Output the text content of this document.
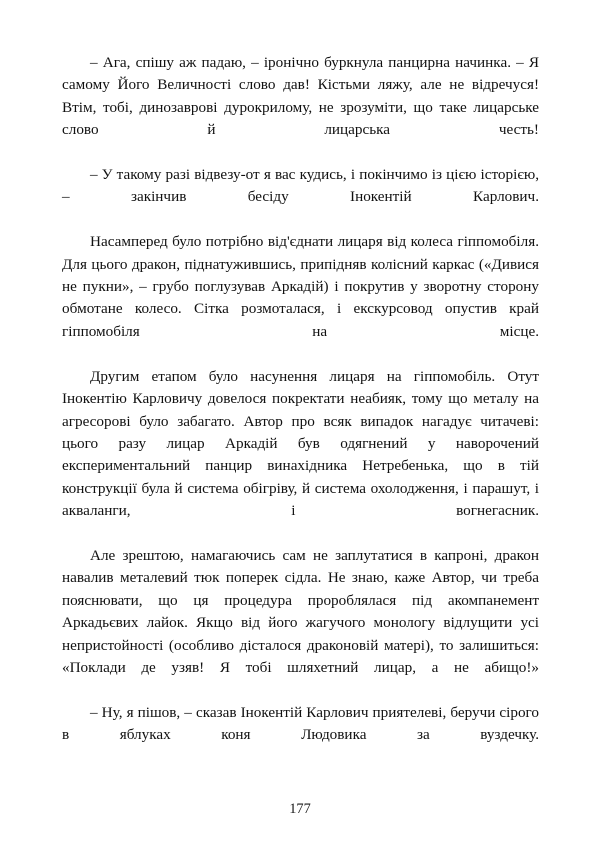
– Ага, спішу аж падаю, – іронічно буркнула панцирна начинка. – Я самому Його Величності слово дав! Кістьми ляжу, але не відречуся! Втім, тобі, динозаврові дурокрилому, не зрозуміти, що таке лицарське слово й лицарська честь!

– У такому разі відвезу-от я вас кудись, і покінчимо із цією історією, – закінчив бесіду Інокентій Карлович.

Насамперед було потрібно від'єднати лицаря від колеса гіппомобіля. Для цього дракон, піднатужившись, припідняв колісний каркас («Дивися не пукни», – грубо поглузував Аркадій) і покрутив у зворотну сторону обмотане колесо. Сітка розмоталася, і екскурсовод опустив край гіппомобіля на місце.

Другим етапом було насунення лицаря на гіппомобіль. Отут Інокентію Карловичу довелося покректати неабияк, тому що металу на агресорові було забагато. Автор про всяк випадок нагадує читачеві: цього разу лицар Аркадій був одягнений у наворочений експериментальний панцир винахідника Нетребенька, що в тій конструкції була й система обігріву, й система охолодження, і парашут, і акваланги, і вогнегасник.

Але зрештою, намагаючись сам не заплутатися в капроні, дракон навалив металевий тюк поперек сідла. Не знаю, каже Автор, чи треба пояснювати, що ця процедура пророблялася під акомпанемент Аркадьєвих лайок. Якщо від його жагучого монологу відлущити усі непристойності (особливо дісталося драконовій матері), то залишиться: «Поклади де узяв! Я тобі шляхетний лицар, а не абищо!»

– Ну, я пішов, – сказав Інокентій Карлович приятелеві, беручи сірого в яблуках коня Людовика за вуздечку.

177
